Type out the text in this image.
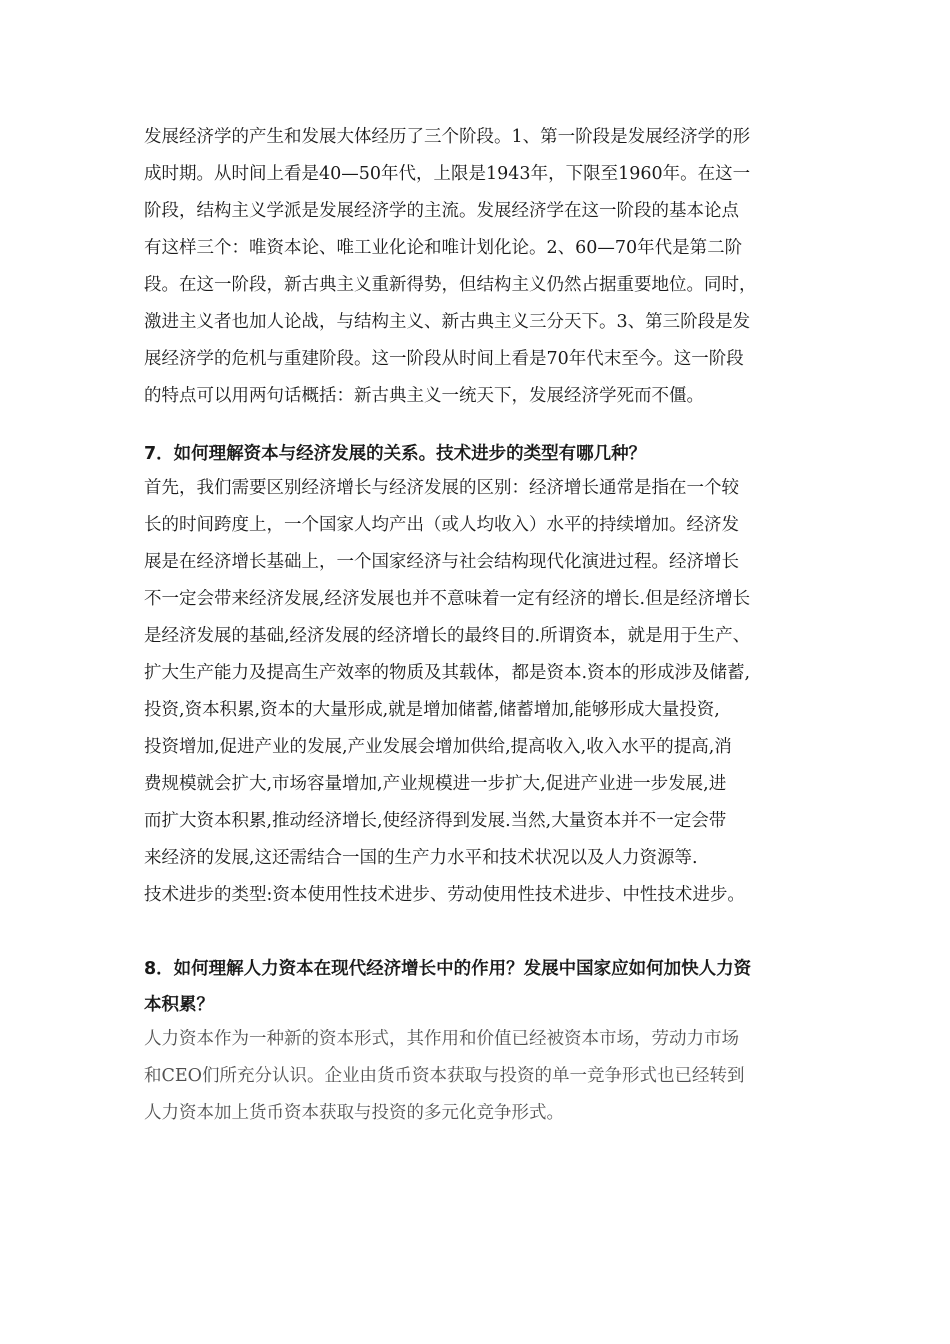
发展经济学的产生和发展大体经历了三个阶段。1、第一阶段是发展经济学的形
成时期。从时间上看是40—50年代，上限是1943年，下限至1960年。在这一
阶段，结构主义学派是发展经济学的主流。发展经济学在这一阶段的基本论点
有这样三个：唯资本论、唯工业化论和唯计划化论。2、60—70年代是第二阶
段。在这一阶段，新古典主义重新得势，但结构主义仍然占据重要地位。同时，
激进主义者也加人论战，与结构主义、新古典主义三分天下。3、第三阶段是发
展经济学的危机与重建阶段。这一阶段从时间上看是70年代末至今。这一阶段
的特点可以用两句话概括：新古典主义一统天下，发展经济学死而不僵。
7．如何理解资本与经济发展的关系。技术进步的类型有哪几种？
首先，我们需要区别经济增长与经济发展的区别：经济增长通常是指在一个较
长的时间跨度上，一个国家人均产出（或人均收入）水平的持续增加。经济发
展是在经济增长基础上，一个国家经济与社会结构现代化演进过程。经济增长
不一定会带来经济发展,经济发展也并不意味着一定有经济的增长.但是经济增长
是经济发展的基础,经济发展的经济增长的最终目的.所谓资本，就是用于生产、
扩大生产能力及提高生产效率的物质及其载体，都是资本.资本的形成涉及储蓄,
投资,资本积累,资本的大量形成,就是增加储蓄,储蓄增加,能够形成大量投资,
投资增加,促进产业的发展,产业发展会增加供给,提高收入,收入水平的提高,消
费规模就会扩大,市场容量增加,产业规模进一步扩大,促进产业进一步发展,进
而扩大资本积累,推动经济增长,使经济得到发展.当然,大量资本并不一定会带
来经济的发展,这还需结合一国的生产力水平和技术状况以及人力资源等.
技术进步的类型:资本使用性技术进步、劳动使用性技术进步、中性技术进步。
8．如何理解人力资本在现代经济增长中的作用？发展中国家应如何加快人力资
本积累？
人力资本作为一种新的资本形式，其作用和价值已经被资本市场，劳动力市场
和CEO们所充分认识。企业由货币资本获取与投资的单一竞争形式也已经转到
人力资本加上货币资本获取与投资的多元化竞争形式。
